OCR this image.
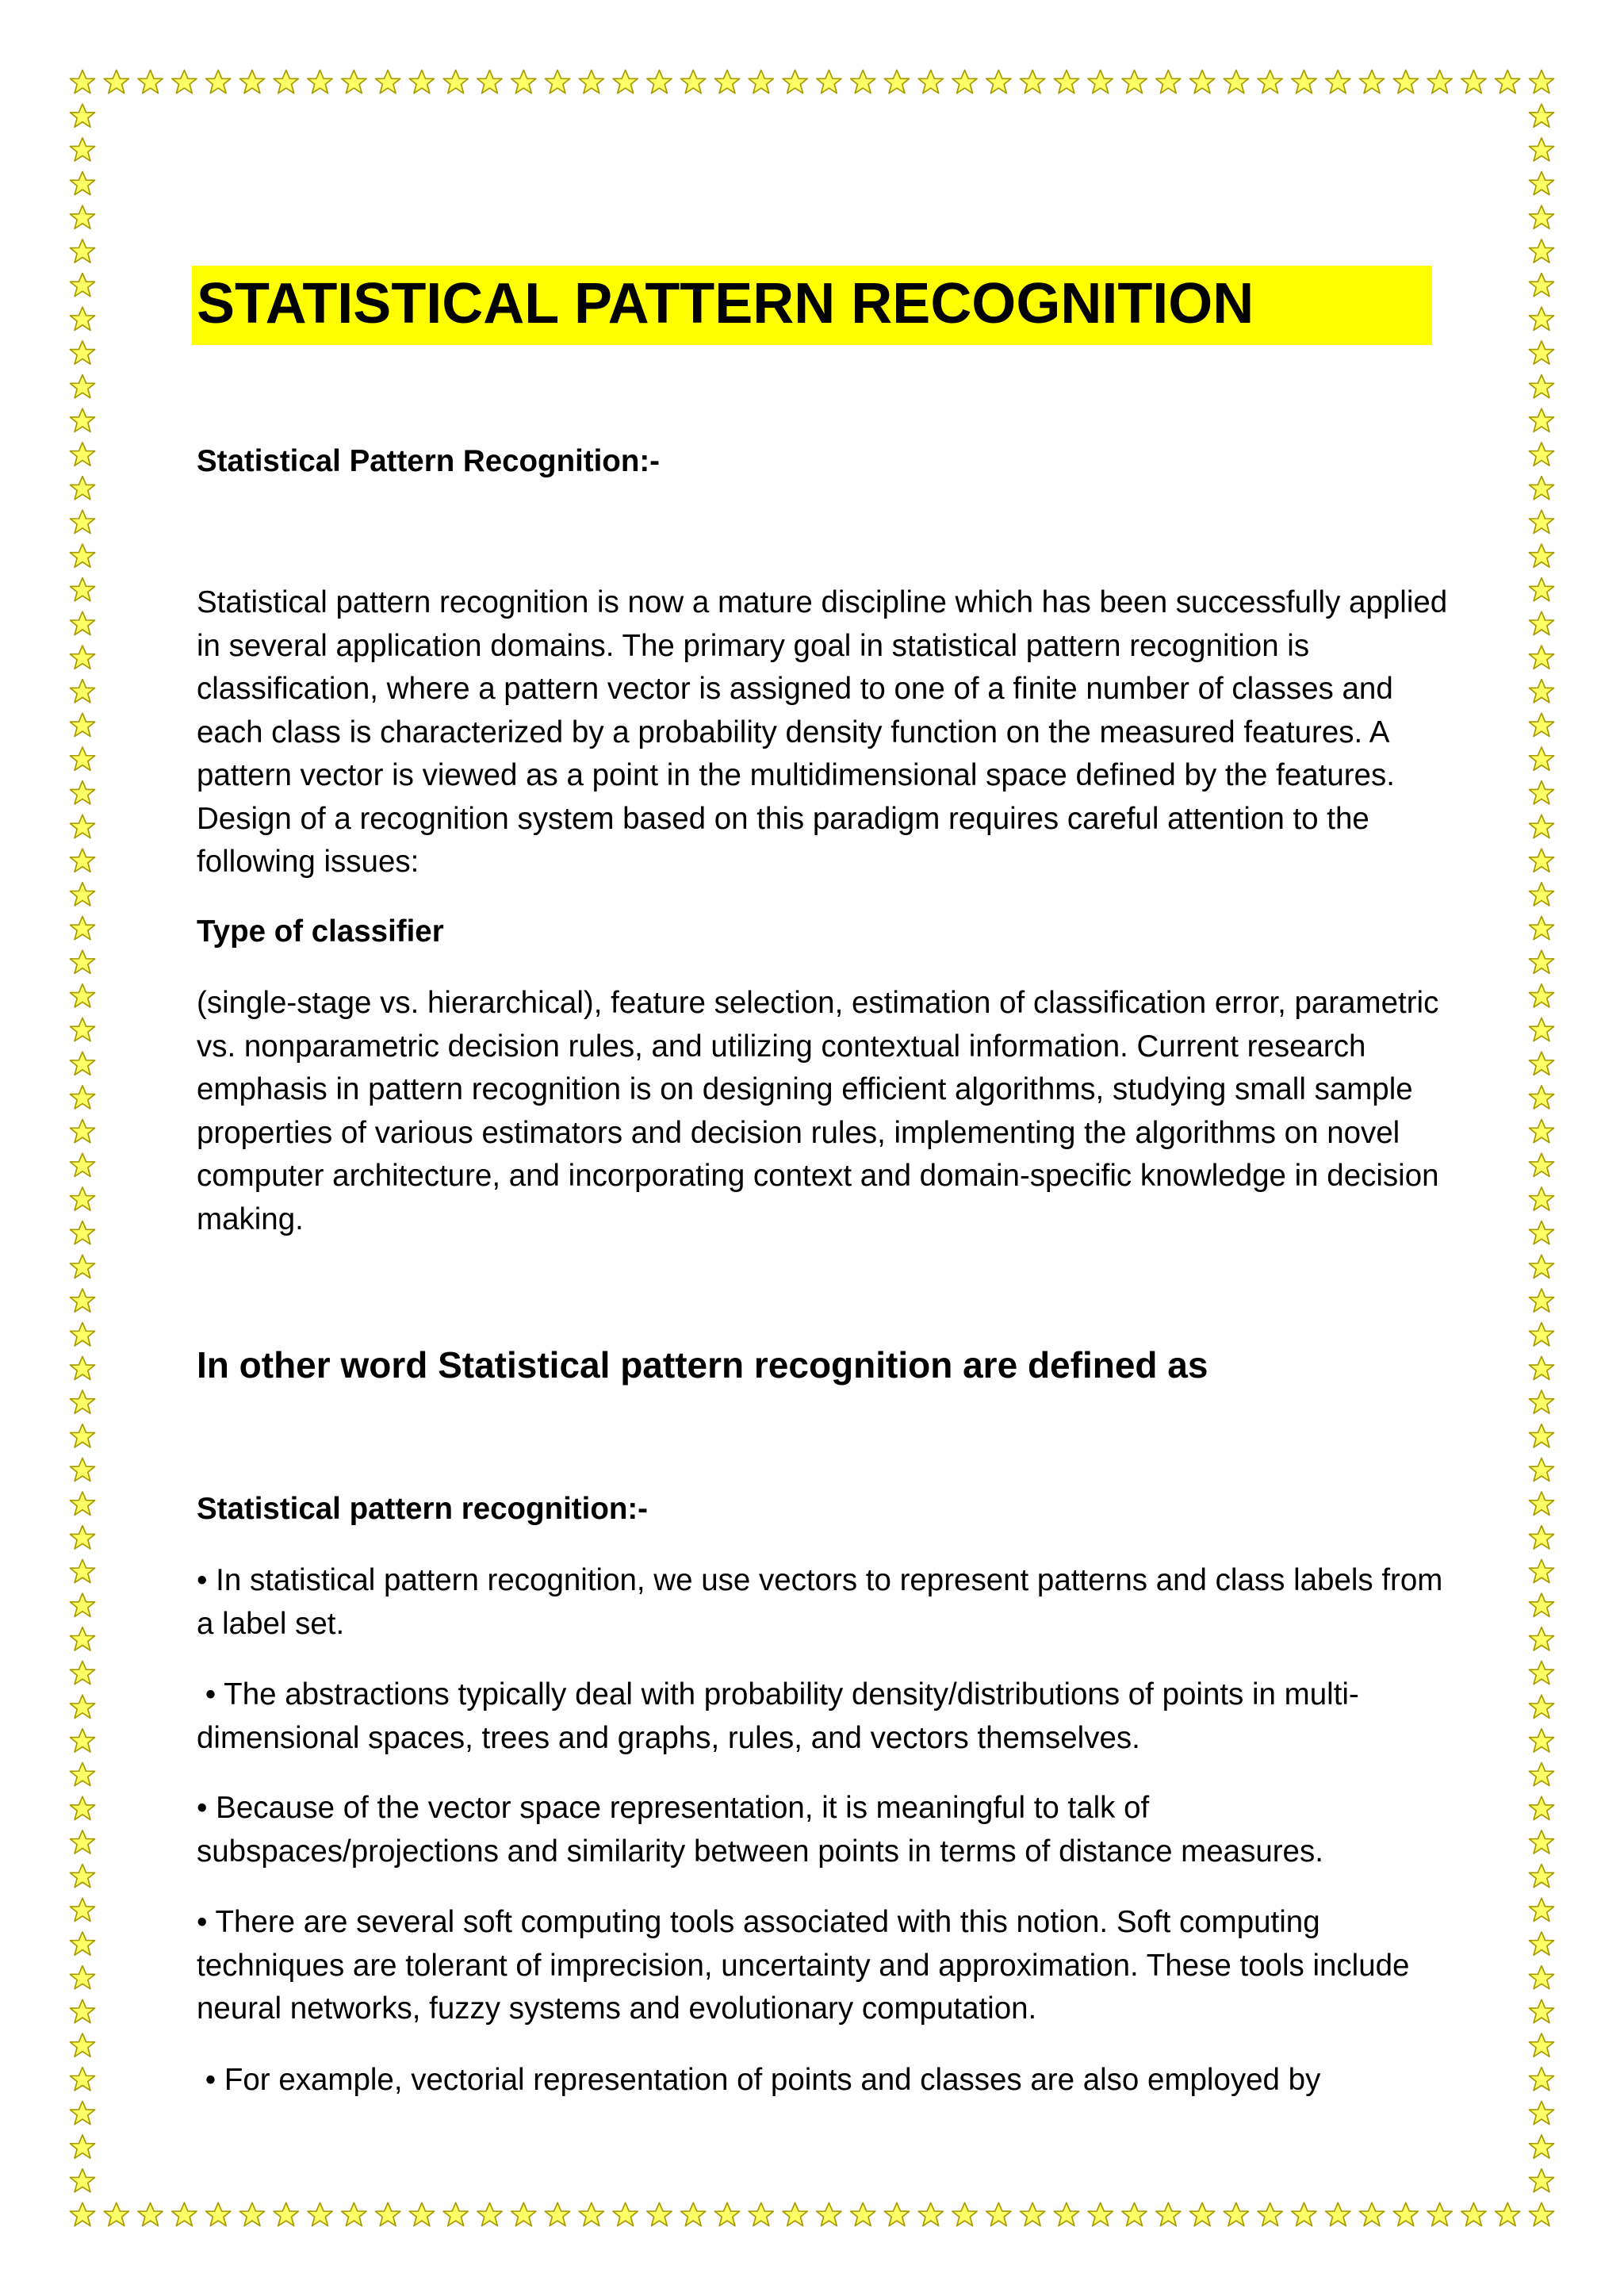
STATISTICAL PATTERN RECOGNITION

Statistical Pattern Recognition:-

Statistical pattern recognition is now a mature discipline which has been successfully applied in several application domains. The primary goal in statistical pattern recognition is classification, where a pattern vector is assigned to one of a finite number of classes and each class is characterized by a probability density function on the measured features. A pattern vector is viewed as a point in the multidimensional space defined by the features. Design of a recognition system based on this paradigm requires careful attention to the following issues:

Type of classifier

(single-stage vs. hierarchical), feature selection, estimation of classification error, parametric vs. nonparametric decision rules, and utilizing contextual information. Current research emphasis in pattern recognition is on designing efficient algorithms, studying small sample properties of various estimators and decision rules, implementing the algorithms on novel computer architecture, and incorporating context and domain-specific knowledge in decision making.

In other word Statistical pattern recognition are defined as

Statistical pattern recognition:-

• In statistical pattern recognition, we use vectors to represent patterns and class labels from a label set.

• The abstractions typically deal with probability density/distributions of points in multi-dimensional spaces, trees and graphs, rules, and vectors themselves.

• Because of the vector space representation, it is meaningful to talk of subspaces/projections and similarity between points in terms of distance measures.

• There are several soft computing tools associated with this notion. Soft computing techniques are tolerant of imprecision, uncertainty and approximation. These tools include neural networks, fuzzy systems and evolutionary computation.

• For example, vectorial representation of points and classes are also employed by
